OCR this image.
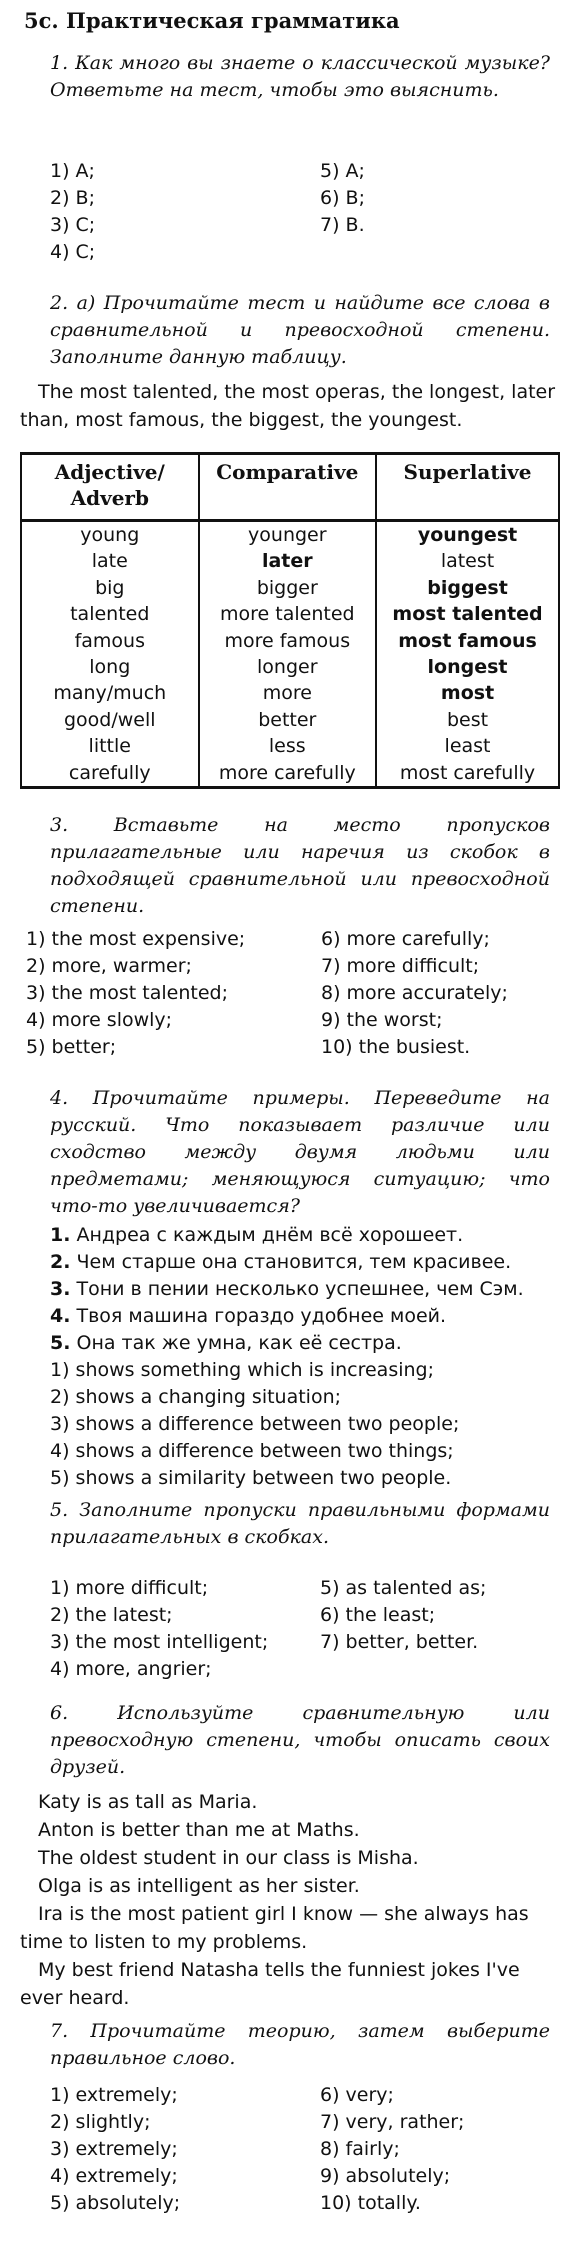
5с. Практическая грамматика
1. Как много вы знаете о классической музыке? Ответьте на тест, чтобы это выяснить.
1) A;
2) B;
3) C;
4) C;
5) A;
6) B;
7) B.
2. а) Прочитайте тест и найдите все слова в сравнительной и превосходной степени. Заполните данную таблицу.
The most talented, the most operas, the longest, later than, most famous, the biggest, the youngest.
Adjective/ Adverb	Comparative	Superlative
young	younger	youngest
late	later	latest
big	bigger	biggest
talented	more talented	most talented
famous	more famous	most famous
long	longer	longest
many/much	more	most
good/well	better	best
little	less	least
carefully	more carefully	most carefully
3. Вставьте на место пропусков прилагательные или наречия из скобок в подходящей сравнительной или превосходной степени.
1) the most expensive;
2) more, warmer;
3) the most talented;
4) more slowly;
5) better;
6) more carefully;
7) more difficult;
8) more accurately;
9) the worst;
10) the busiest.
4. Прочитайте примеры. Переведите на русский. Что показывает различие или сходство между двумя людьми или предметами; меняющуюся ситуацию; что что-то увеличивается?
1. Андреа с каждым днём всё хорошеет.
2. Чем старше она становится, тем красивее.
3. Тони в пении несколько успешнее, чем Сэм.
4. Твоя машина гораздо удобнее моей.
5. Она так же умна, как её сестра.
1) shows something which is increasing;
2) shows a changing situation;
3) shows a difference between two people;
4) shows a difference between two things;
5) shows a similarity between two people.
5. Заполните пропуски правильными формами прилагательных в скобках.
1) more difficult;
2) the latest;
3) the most intelligent;
4) more, angrier;
5) as talented as;
6) the least;
7) better, better.
6. Используйте сравнительную или превосходную степени, чтобы описать своих друзей.
Katy is as tall as Maria.
Anton is better than me at Maths.
The oldest student in our class is Misha.
Olga is as intelligent as her sister.
Ira is the most patient girl I know — she always has time to listen to my problems.
My best friend Natasha tells the funniest jokes I've ever heard.
7. Прочитайте теорию, затем выберите правильное слово.
1) extremely;
2) slightly;
3) extremely;
4) extremely;
5) absolutely;
6) very;
7) very, rather;
8) fairly;
9) absolutely;
10) totally.
